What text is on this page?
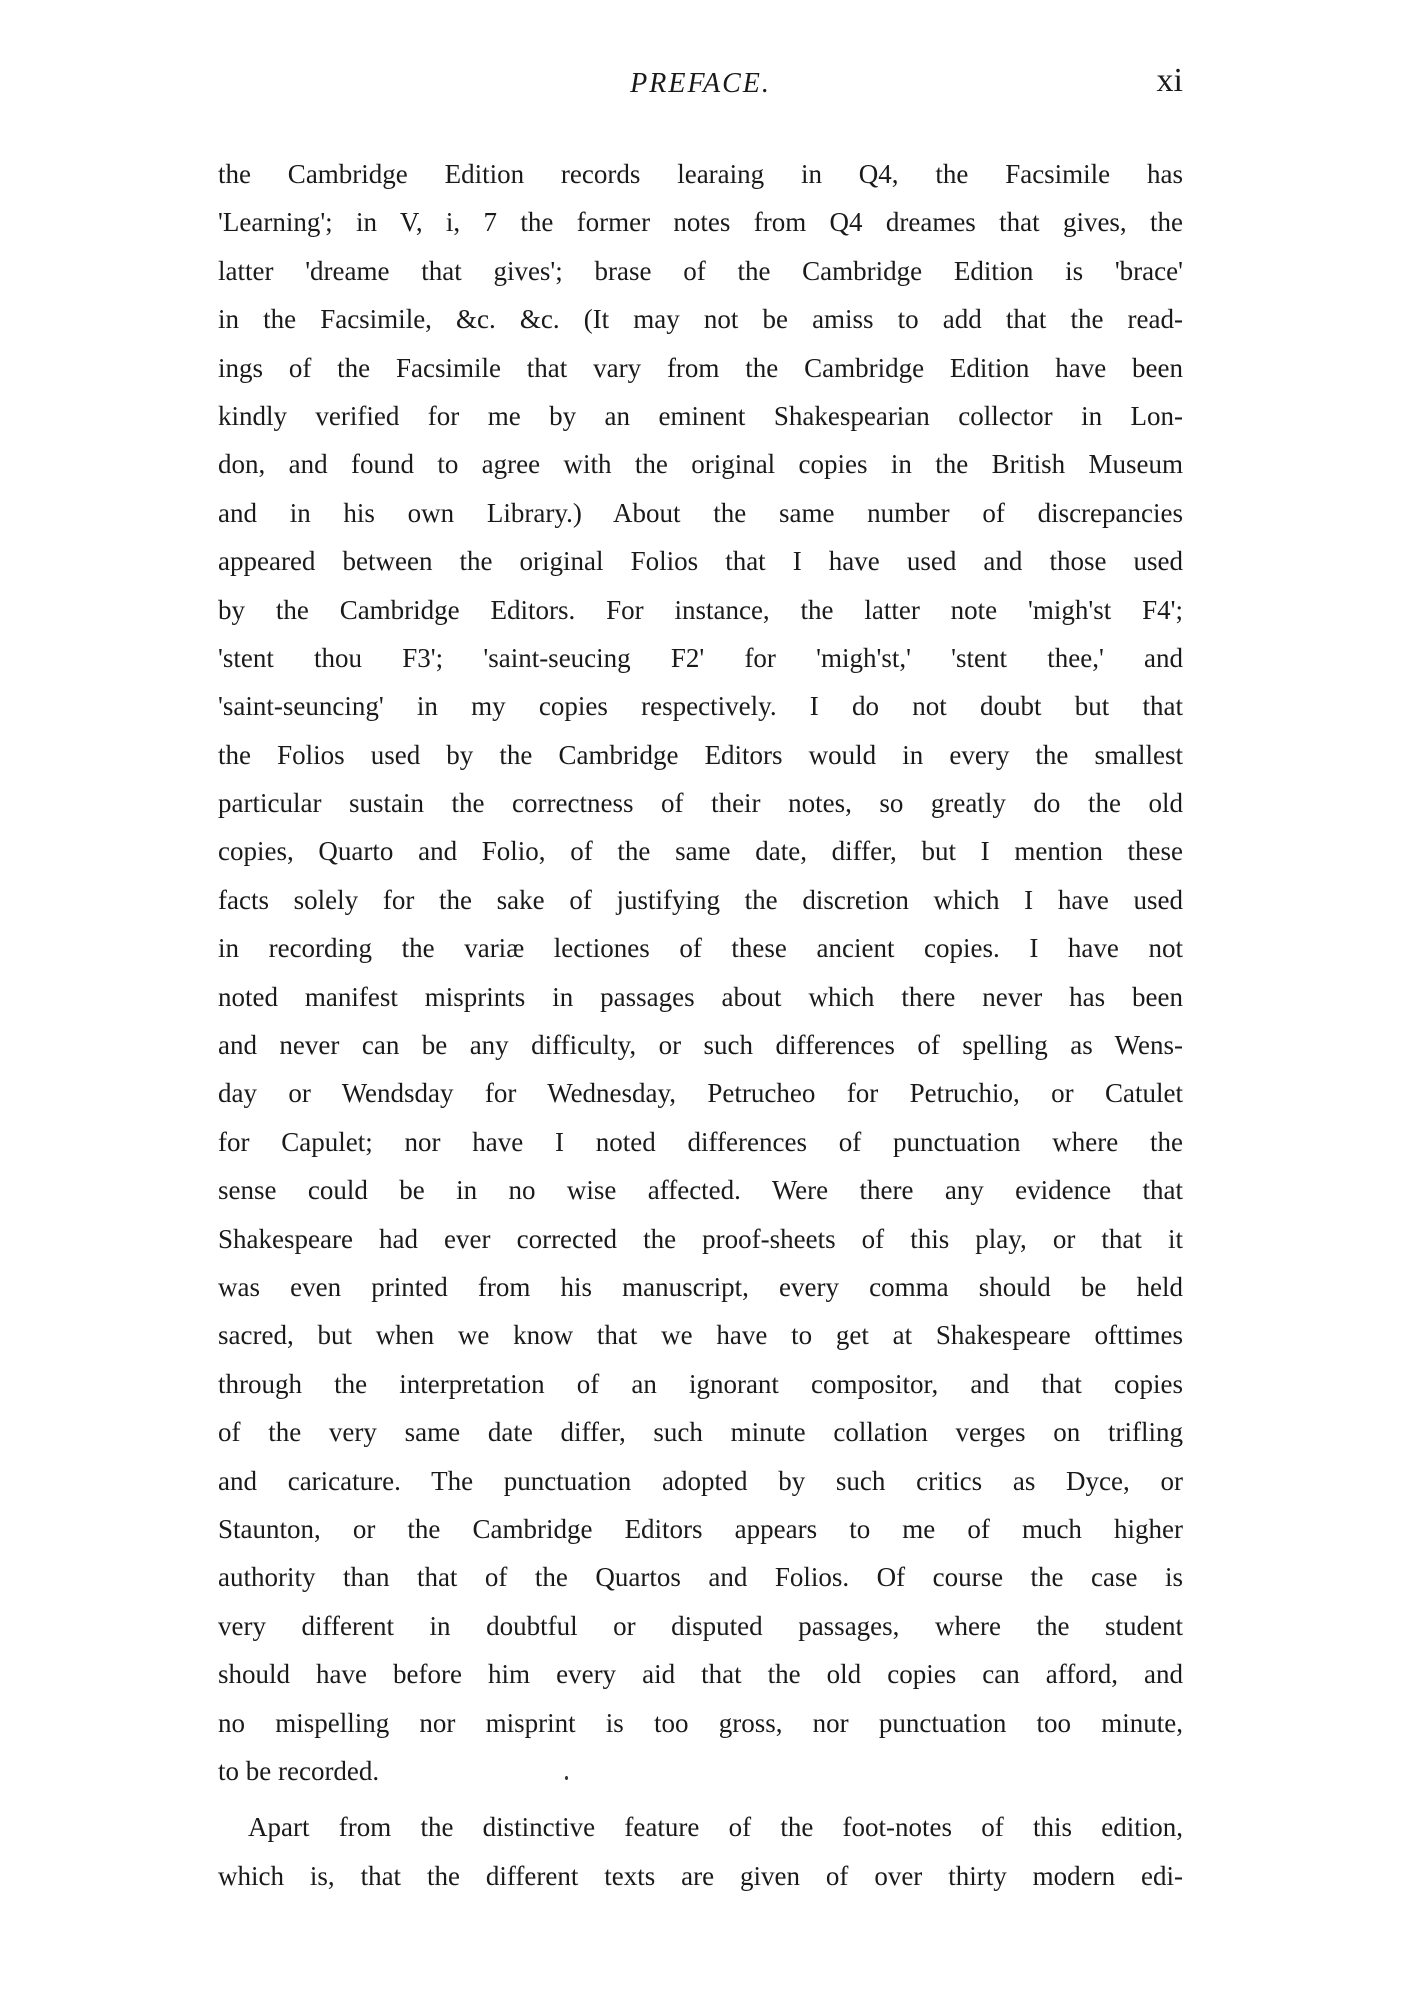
PREFACE.	xi
the Cambridge Edition records learaing in Q4, the Facsimile has
'Learning'; in V, i, 7 the former notes from Q4 dreames that gives, the
latter 'dreame that gives'; brase of the Cambridge Edition is 'brace'
in the Facsimile, &c. &c. (It may not be amiss to add that the read-
ings of the Facsimile that vary from the Cambridge Edition have been
kindly verified for me by an eminent Shakespearian collector in Lon-
don, and found to agree with the original copies in the British Museum
and in his own Library.) About the same number of discrepancies
appeared between the original Folios that I have used and those used
by the Cambridge Editors. For instance, the latter note 'migh'st F4';
'stent thou F3'; 'saint-seucing F2' for 'migh'st,' 'stent thee,' and
'saint-seuncing' in my copies respectively. I do not doubt but that
the Folios used by the Cambridge Editors would in every the smallest
particular sustain the correctness of their notes, so greatly do the old
copies, Quarto and Folio, of the same date, differ, but I mention these
facts solely for the sake of justifying the discretion which I have used
in recording the variæ lectiones of these ancient copies. I have not
noted manifest misprints in passages about which there never has been
and never can be any difficulty, or such differences of spelling as Wens-
day or Wendsday for Wednesday, Petrucheo for Petruchio, or Catulet
for Capulet; nor have I noted differences of punctuation where the
sense could be in no wise affected. Were there any evidence that
Shakespeare had ever corrected the proof-sheets of this play, or that it
was even printed from his manuscript, every comma should be held
sacred, but when we know that we have to get at Shakespeare ofttimes
through the interpretation of an ignorant compositor, and that copies
of the very same date differ, such minute collation verges on trifling
and caricature. The punctuation adopted by such critics as Dyce, or
Staunton, or the Cambridge Editors appears to me of much higher
authority than that of the Quartos and Folios. Of course the case is
very different in doubtful or disputed passages, where the student
should have before him every aid that the old copies can afford, and
no mispelling nor misprint is too gross, nor punctuation too minute,
to be recorded.
Apart from the distinctive feature of the foot-notes of this edition,
which is, that the different texts are given of over thirty modern edi-
